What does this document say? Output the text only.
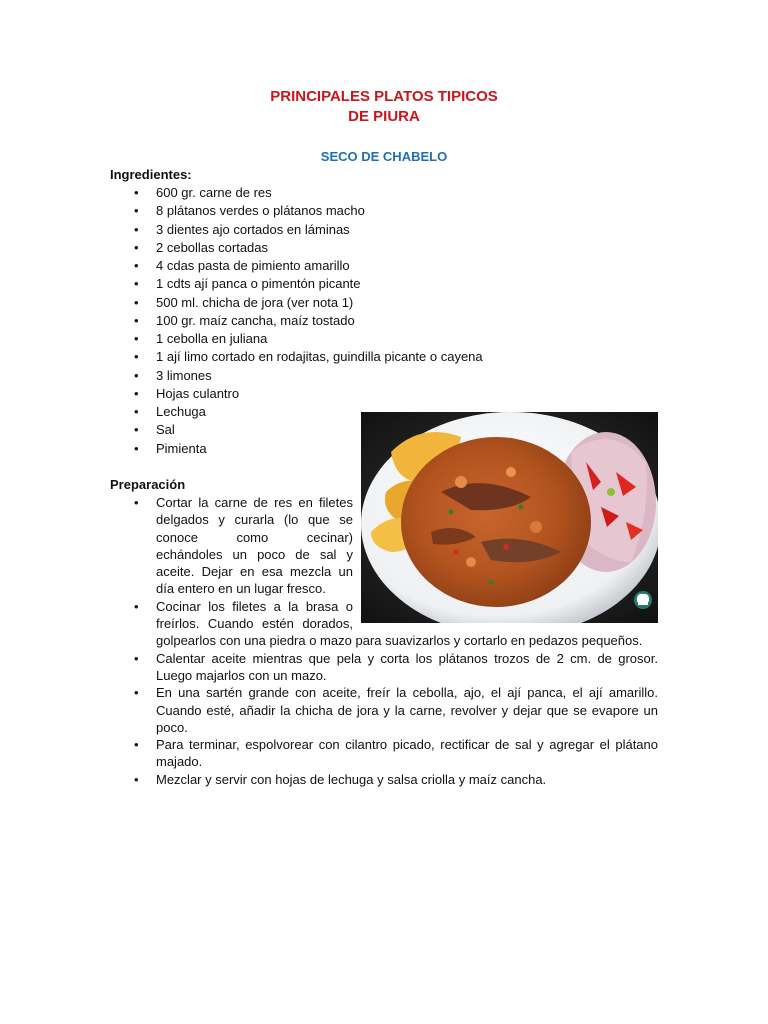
PRINCIPALES PLATOS TIPICOS
DE PIURA
SECO DE CHABELO
Ingredientes:
• 600 gr. carne de res
• 8 plátanos verdes o plátanos macho
• 3 dientes ajo cortados en láminas
• 2 cebollas cortadas
• 4 cdas pasta de pimiento amarillo
• 1 cdts ají panca o pimentón picante
• 500 ml. chicha de jora (ver nota 1)
• 100 gr. maíz cancha, maíz tostado
• 1 cebolla en juliana
• 1 ají limo cortado en rodajitas, guindilla picante o cayena
• 3 limones
• Hojas culantro
• Lechuga
• Sal
• Pimienta
Preparación
• Cortar la carne de res en filetes delgados y curarla (lo que se conoce como cecinar) echándoles un poco de sal y aceite. Dejar en esa mezcla un día entero en un lugar fresco.
• Cocinar los filetes a la brasa o freírlos. Cuando estén dorados, golpearlos con una piedra o mazo para suavizarlos y cortarlo en pedazos pequeños.
• Calentar aceite mientras que pela y corta los plátanos trozos de 2 cm. de grosor. Luego majarlos con un mazo.
• En una sartén grande con aceite, freír la cebolla, ajo, el ají panca, el ají amarillo. Cuando esté, añadir la chicha de jora y la carne, revolver y dejar que se evapore un poco.
• Para terminar, espolvorear con cilantro picado, rectificar de sal y agregar el plátano majado.
• Mezclar y servir con hojas de lechuga y salsa criolla y maíz cancha.
